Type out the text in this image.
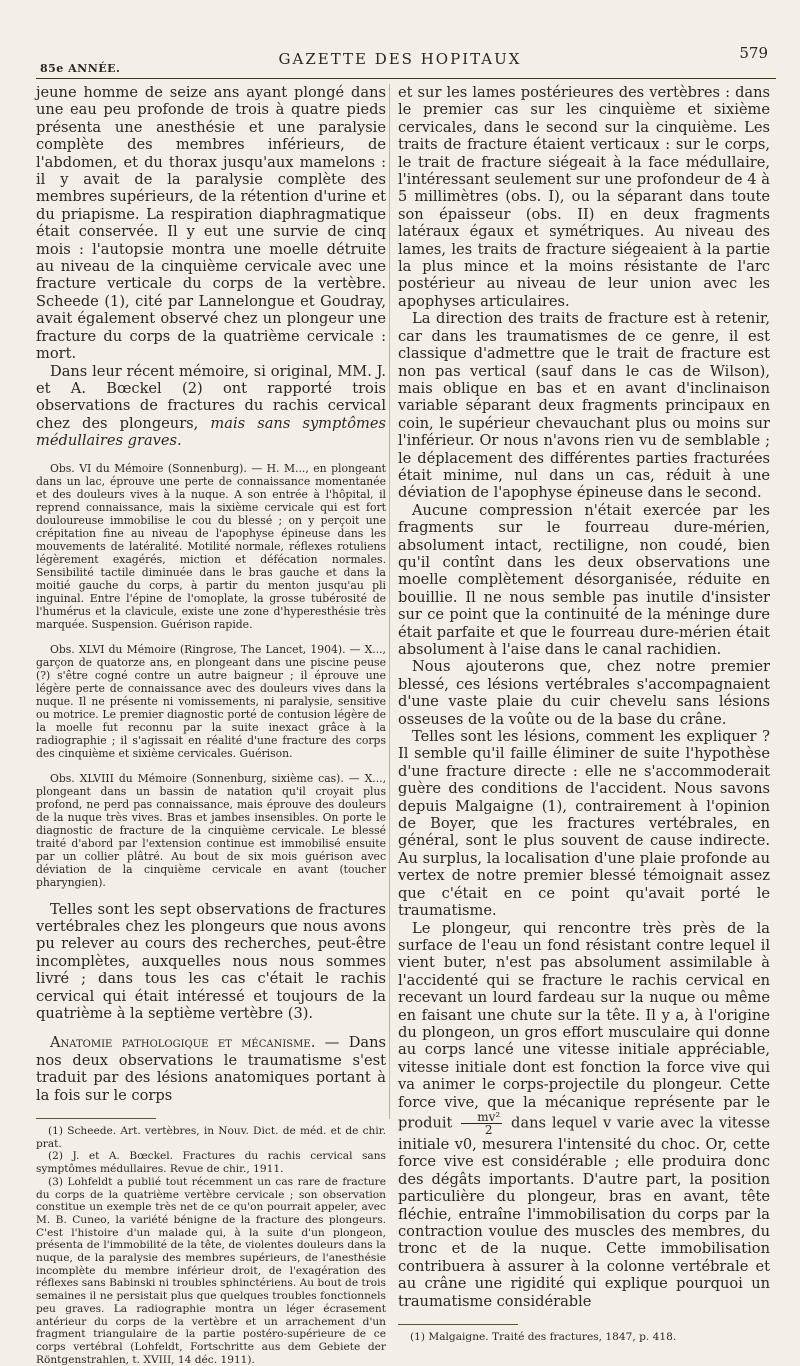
85e ANNÉE.
GAZETTE DES HOPITAUX	579

jeune homme de seize ans ayant plongé dans une eau peu profonde de trois à quatre pieds présenta une anesthésie et une paralysie complète des membres inférieurs, de l'abdomen, et du thorax jusqu'aux mamelons : il y avait de la paralysie complète des membres supérieurs, de la rétention d'urine et du priapisme. La respiration diaphragmatique était conservée. Il y eut une survie de cinq mois : l'autopsie montra une moelle détruite au niveau de la cinquième cervicale avec une fracture verticale du corps de la vertèbre. Scheede (1), cité par Lannelongue et Goudray, avait également observé chez un plongeur une fracture du corps de la quatrième cervicale : mort.

Dans leur récent mémoire, si original, MM. J. et A. Bœckel (2) ont rapporté trois observations de fractures du rachis cervical chez des plongeurs, mais sans symptômes médullaires graves.

Obs. VI du Mémoire (Sonnenburg). — H. M..., en plongeant dans un lac, éprouve une perte de connaissance momentanée et des douleurs vives à la nuque. A son entrée à l'hôpital, il reprend connaissance, mais la sixième cervicale qui est fort douloureuse immobilise le cou du blessé ; on y perçoit une crépitation fine au niveau de l'apophyse épineuse dans les mouvements de latéralité. Motilité normale, réflexes rotuliens légèrement exagérés, miction et défécation normales. Sensibilité tactile diminuée dans le bras gauche et dans la moitié gauche du corps, à partir du menton jusqu'au pli inguinal. Entre l'épine de l'omoplate, la grosse tubérosité de l'humérus et la clavicule, existe une zone d'hyperesthésie très marquée. Suspension. Guérison rapide.

Obs. XLVI du Mémoire (Ringrose, The Lancet, 1904). — X..., garçon de quatorze ans, en plongeant dans une piscine peuse (?) s'être cogné contre un autre baigneur ; il éprouve une légère perte de connaissance avec des douleurs vives dans la nuque. Il ne présente ni vomissements, ni paralysie, sensitive ou motrice. Le premier diagnostic porté de contusion légère de la moelle fut reconnu par la suite inexact grâce à la radiographie ; il s'agissait en réalité d'une fracture des corps des cinquième et sixième cervicales. Guérison.

Obs. XLVIII du Mémoire (Sonnenburg, sixième cas). — X..., plongeant dans un bassin de natation qu'il croyait plus profond, ne perd pas connaissance, mais éprouve des douleurs de la nuque très vives. Bras et jambes insensibles. On porte le diagnostic de fracture de la cinquième cervicale. Le blessé traité d'abord par l'extension continue est immobilisé ensuite par un collier plâtré. Au bout de six mois guérison avec déviation de la cinquième cervicale en avant (toucher pharyngien).

Telles sont les sept observations de fractures vertébrales chez les plongeurs que nous avons pu relever au cours des recherches, peut-être incomplètes, auxquelles nous nous sommes livré ; dans tous les cas c'était le rachis cervical qui était intéressé et toujours de la quatrième à la septième vertèbre (3).

Anatomie pathologique et mécanisme. — Dans nos deux observations le traumatisme s'est traduit par des lésions anatomiques portant à la fois sur le corps

(1) Scheede. Art. vertèbres, in Nouv. Dict. de méd. et de chir. prat.

(2) J. et A. Bœckel. Fractures du rachis cervical sans symptômes médullaires. Revue de chir., 1911.

(3) Lohfeldt a publié tout récemment un cas rare de fracture du corps de la quatrième vertèbre cervicale ; son observation constitue un exemple très net de ce qu'on pourrait appeler, avec M. B. Cuneo, la variété bénigne de la fracture des plongeurs. C'est l'histoire d'un malade qui, à la suite d'un plongeon, présenta de l'immobilité de la tête, de violentes douleurs dans la nuque, de la paralysie des membres supérieurs, de l'anesthésie incomplète du membre inférieur droit, de l'exagération des réflexes sans Babinski ni troubles sphinctériens. Au bout de trois semaines il ne persistait plus que quelques troubles fonctionnels peu graves. La radiographie montra un léger écrasement antérieur du corps de la vertèbre et un arrachement d'un fragment triangulaire de la partie postéro-supérieure de ce corps vertébral (Lohfeldt, Fortschritte aus dem Gebiete der Röntgenstrahlen, t. XVIII, 14 déc. 1911).

et sur les lames postérieures des vertèbres : dans le premier cas sur les cinquième et sixième cervicales, dans le second sur la cinquième. Les traits de fracture étaient verticaux : sur le corps, le trait de fracture siégeait à la face médullaire, l'intéressant seulement sur une profondeur de 4 à 5 millimètres (obs. I), ou la séparant dans toute son épaisseur (obs. II) en deux fragments latéraux égaux et symétriques. Au niveau des lames, les traits de fracture siégeaient à la partie la plus mince et la moins résistante de l'arc postérieur au niveau de leur union avec les apophyses articulaires.

La direction des traits de fracture est à retenir, car dans les traumatismes de ce genre, il est classique d'admettre que le trait de fracture est non pas vertical (sauf dans le cas de Wilson), mais oblique en bas et en avant d'inclinaison variable séparant deux fragments principaux en coin, le supérieur chevauchant plus ou moins sur l'inférieur. Or nous n'avons rien vu de semblable ; le déplacement des différentes parties fracturées était minime, nul dans un cas, réduit à une déviation de l'apophyse épineuse dans le second.

Aucune compression n'était exercée par les fragments sur le fourreau dure-mérien, absolument intact, rectiligne, non coudé, bien qu'il contînt dans les deux observations une moelle complètement désorganisée, réduite en bouillie. Il ne nous semble pas inutile d'insister sur ce point que la continuité de la méninge dure était parfaite et que le fourreau dure-mérien était absolument à l'aise dans le canal rachidien.

Nous ajouterons que, chez notre premier blessé, ces lésions vertébrales s'accompagnaient d'une vaste plaie du cuir chevelu sans lésions osseuses de la voûte ou de la base du crâne.

Telles sont les lésions, comment les expliquer ? Il semble qu'il faille éliminer de suite l'hypothèse d'une fracture directe : elle ne s'accommoderait guère des conditions de l'accident. Nous savons depuis Malgaigne (1), contrairement à l'opinion de Boyer, que les fractures vertébrales, en général, sont le plus souvent de cause indirecte. Au surplus, la localisation d'une plaie profonde au vertex de notre premier blessé témoignait assez que c'était en ce point qu'avait porté le traumatisme.

Le plongeur, qui rencontre très près de la surface de l'eau un fond résistant contre lequel il vient buter, n'est pas absolument assimilable à l'accidenté qui se fracture le rachis cervical en recevant un lourd fardeau sur la nuque ou même en faisant une chute sur la tête. Il y a, à l'origine du plongeon, un gros effort musculaire qui donne au corps lancé une vitesse initiale appréciable, vitesse initiale dont est fonction la force vive qui va animer le corps-projectile du plongeur. Cette force vive, que la mécanique représente par le produit $\frac{\text{mv²}}{2}$ dans lequel v varie avec la vitesse initiale v0, mesurera l'intensité du choc. Or, cette force vive est considérable ; elle produira donc des dégâts importants. D'autre part, la position particulière du plongeur, bras en avant, tête fléchie, entraîne l'immobilisation du corps par la contraction voulue des muscles des membres, du tronc et de la nuque. Cette immobilisation contribuera à assurer à la colonne vertébrale et au crâne une rigidité qui explique pourquoi un traumatisme considérable

(1) Malgaigne. Traité des fractures, 1847, p. 418.
